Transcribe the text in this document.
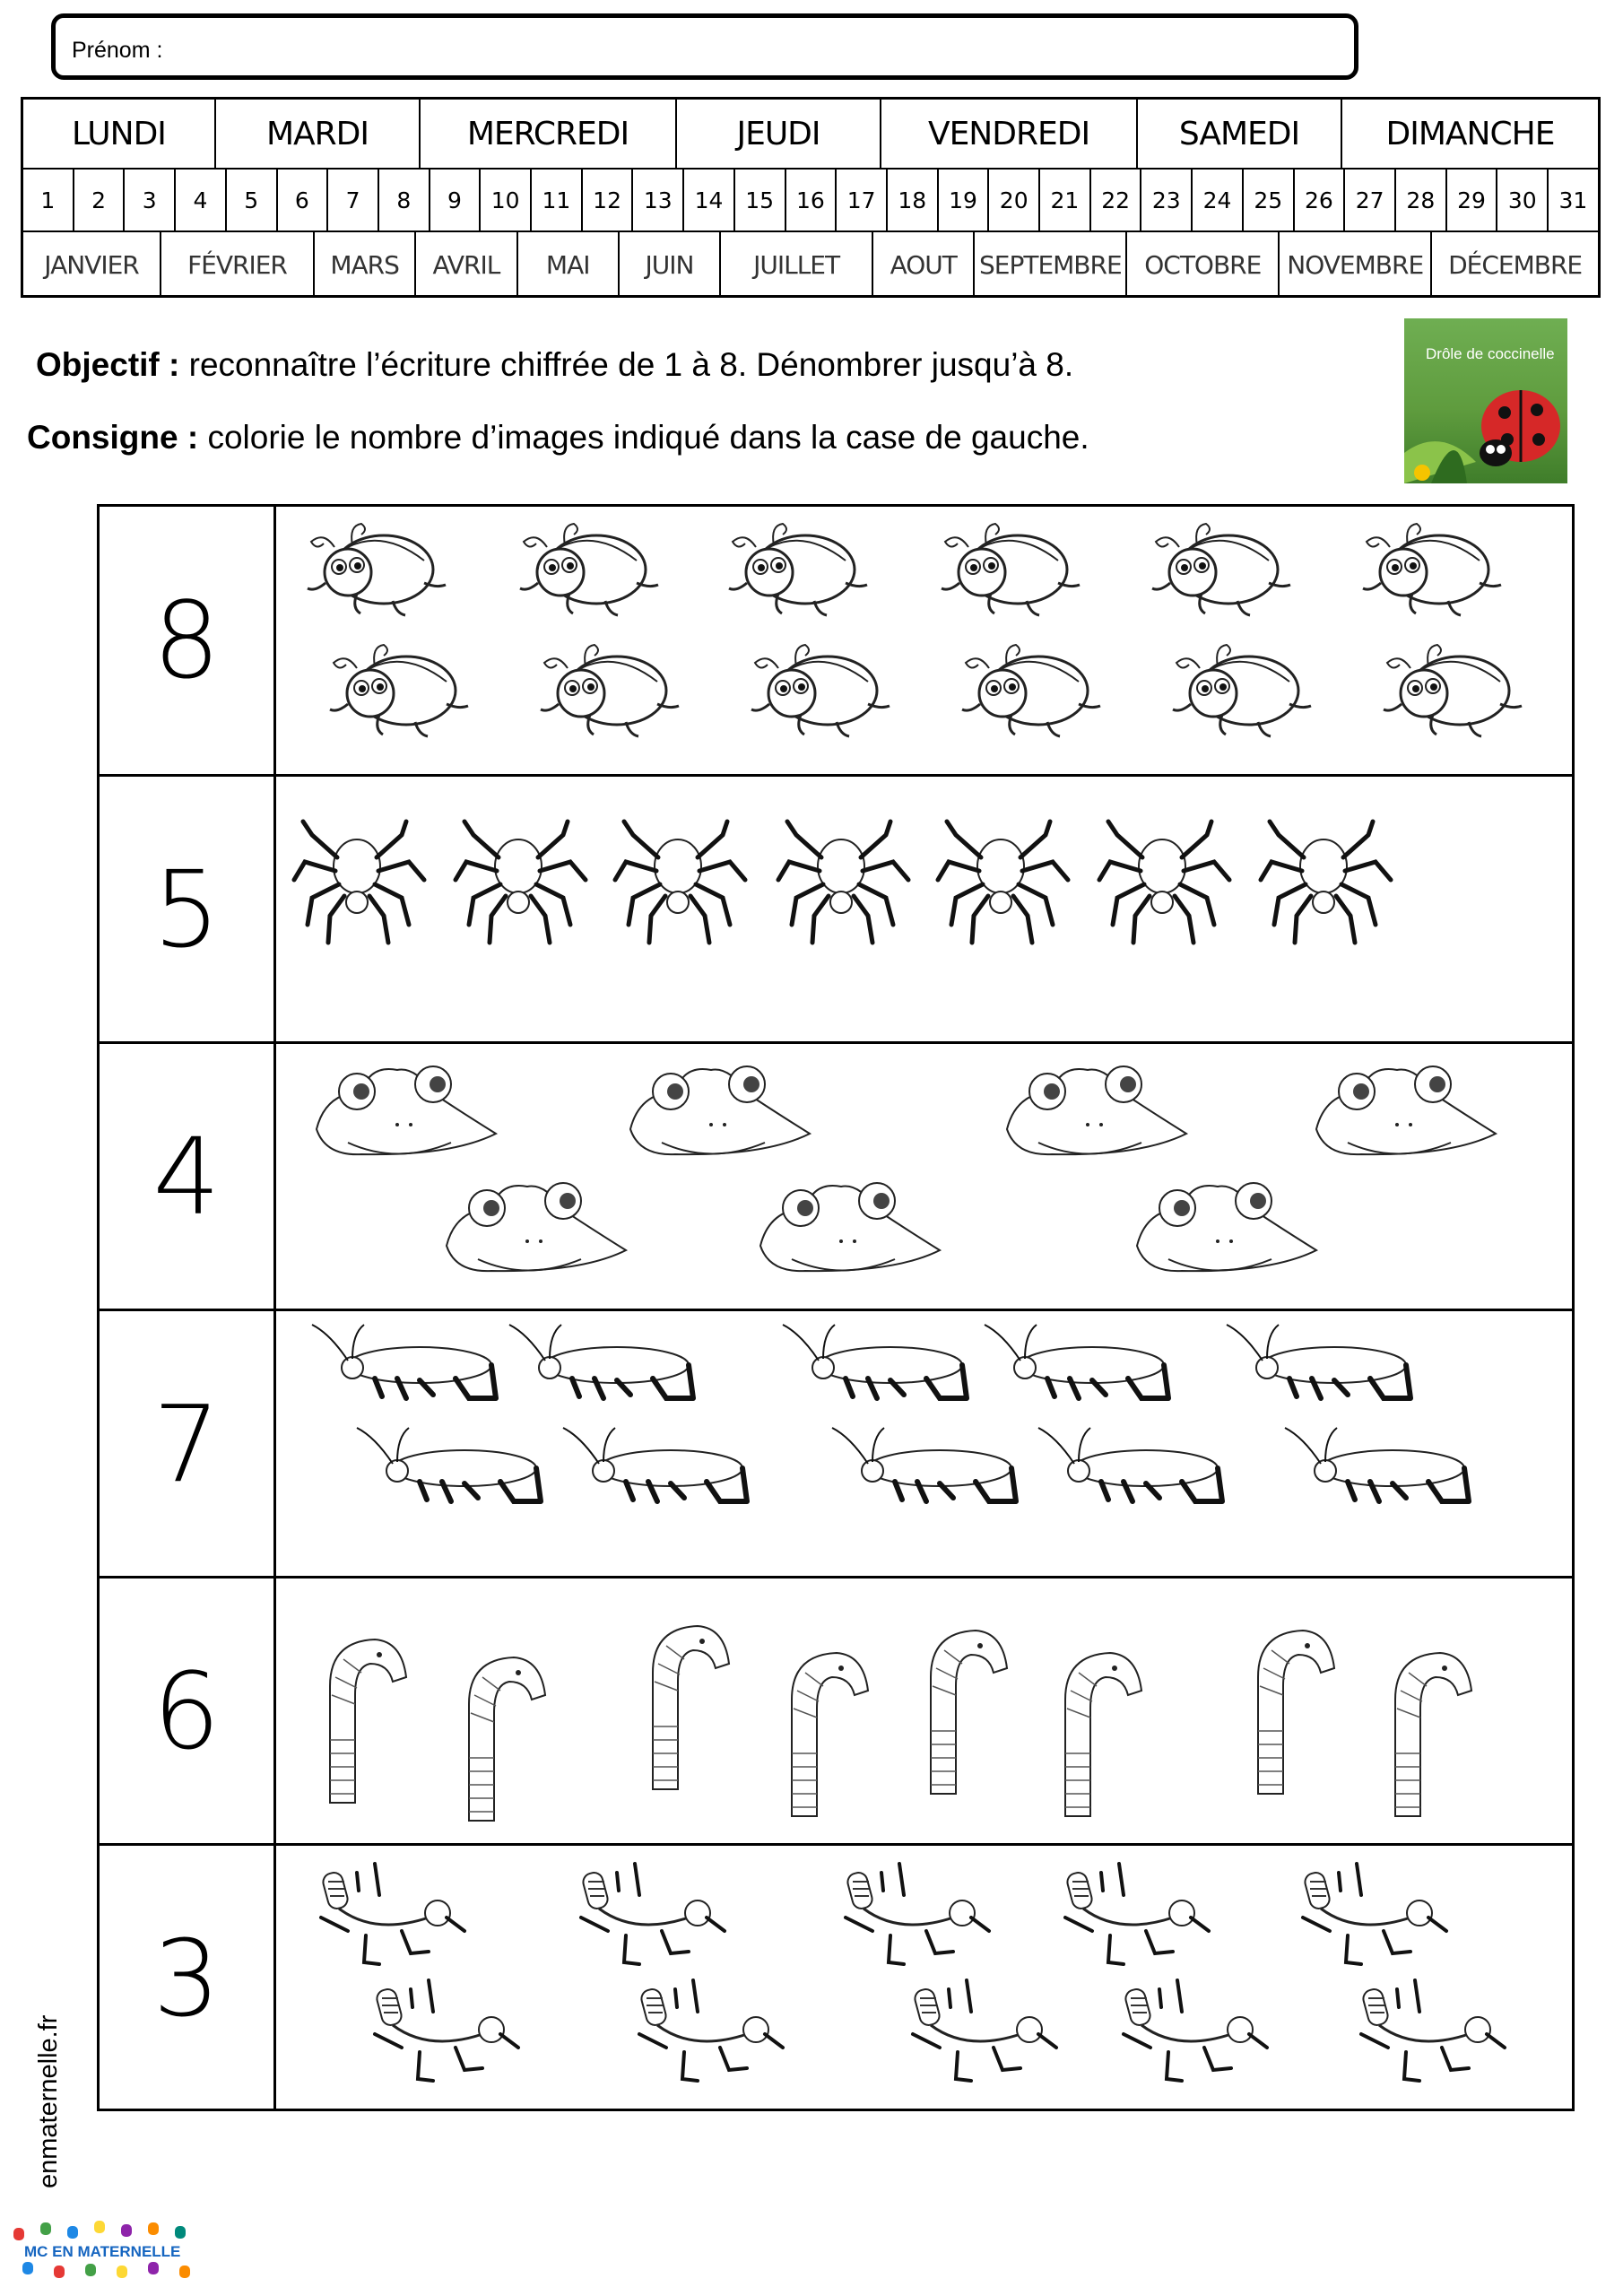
Prénom :
LUNDI	MARDI	MERCREDI	JEUDI	VENDREDI	SAMEDI	DIMANCHE
1	2	3	4	5	6	7	8	9	10 11 12 13 14 15 16 17 18 19 20 21 22 23 24 25 26 27 28 29 30 31
JANVIER	FÉVRIER	MARS	AVRIL	MAI	JUIN	JUILLET	AOUT SEPTEMBRE OCTOBRE	NOVEMBRE DÉCEMBRE
Objectif : reconnaître l’écriture chiffrée de 1 à 8. Dénombrer jusqu’à 8.
Consigne : colorie le nombre d’images indiqué dans la case de gauche.
Drôle de coccinelle
8
5
4
7
6
3
enmaternelle.fr
MC EN MATERNELLE
